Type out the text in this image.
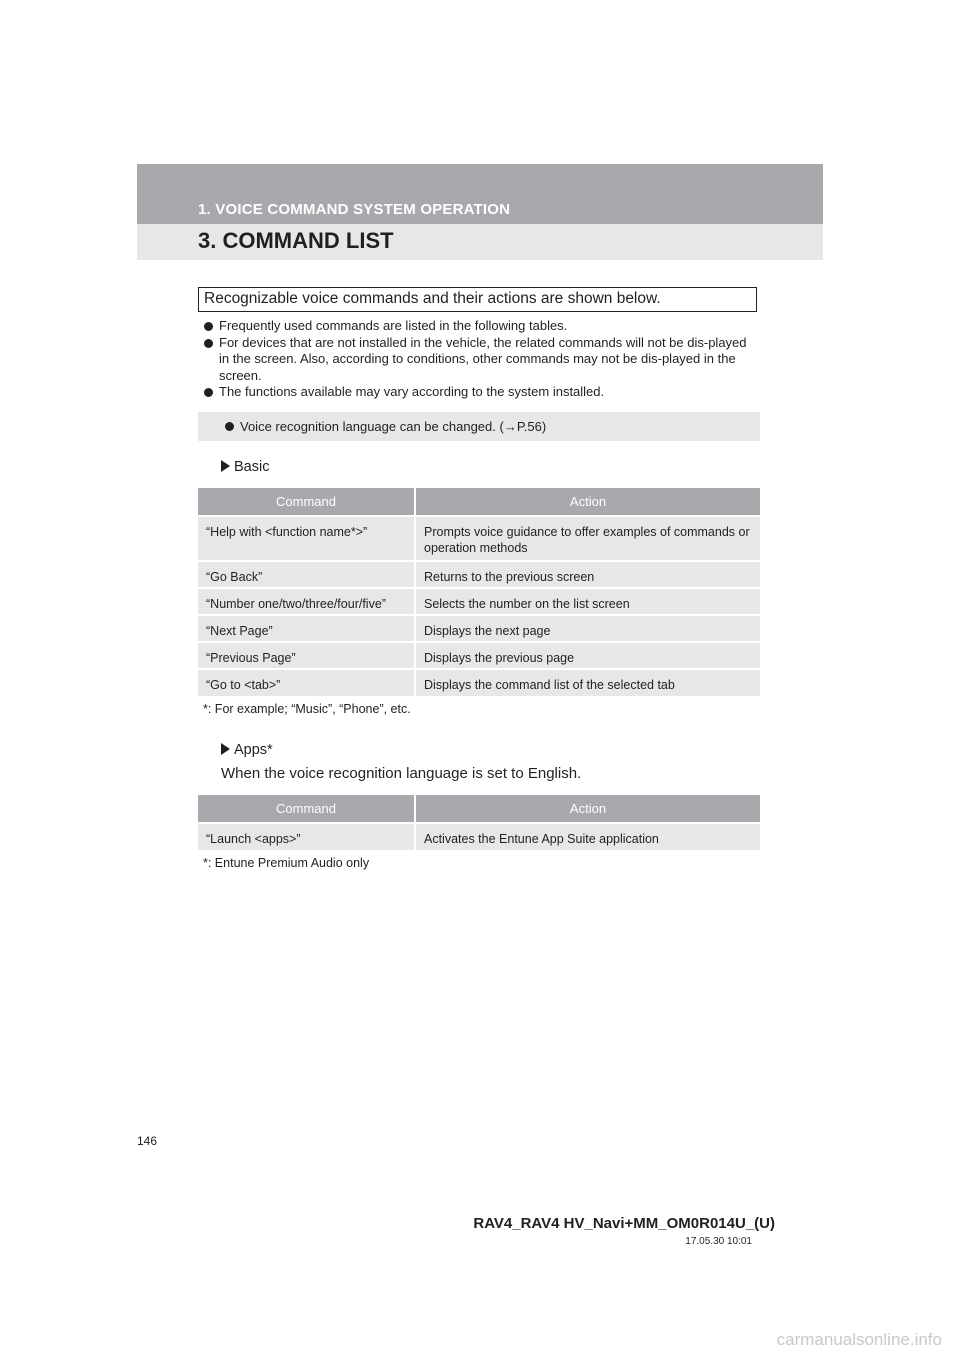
1. VOICE COMMAND SYSTEM OPERATION
3. COMMAND LIST
Recognizable voice commands and their actions are shown below.
Frequently used commands are listed in the following tables.
For devices that are not installed in the vehicle, the related commands will not be dis-played in the screen. Also, according to conditions, other commands may not be dis-played in the screen.
The functions available may vary according to the system installed.
Voice recognition language can be changed. (→P.56)
Basic
Command	Action
“Help with <function name*>”	Prompts voice guidance to offer examples of commands or operation methods
“Go Back”	Returns to the previous screen
“Number one/two/three/four/five”	Selects the number on the list screen
“Next Page”	Displays the next page
“Previous Page”	Displays the previous page
“Go to <tab>”	Displays the command list of the selected tab
*: For example; “Music”, “Phone”, etc.
Apps*
When the voice recognition language is set to English.
Command	Action
“Launch <apps>”	Activates the Entune App Suite application
*: Entune Premium Audio only
146
RAV4_RAV4 HV_Navi+MM_OM0R014U_(U)
17.05.30 10:01
carmanualsonline.info
